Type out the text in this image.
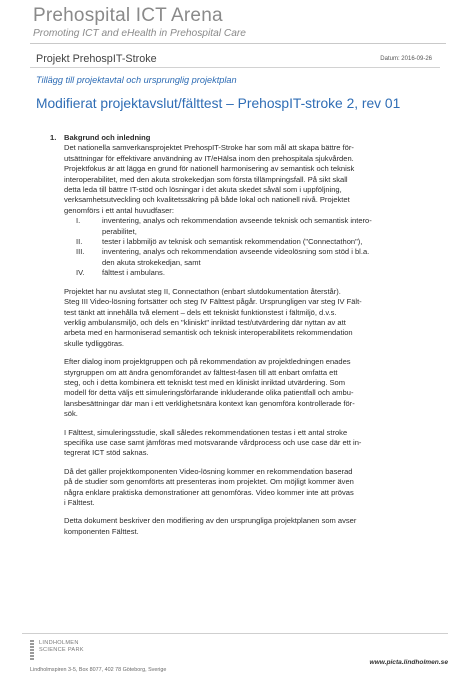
Prehospital ICT Arena
Promoting ICT and eHealth in Prehospital Care
Projekt PrehospIT-Stroke	Datum: 2016-09-26
Tillägg till projektavtal och ursprunglig projektplan
Modifierat projektavslut/fälttest – PrehospIT-stroke 2, rev 01
1.	Bakgrund och inledning
Det nationella samverkansprojektet PrehospIT-Stroke har som mål att skapa bättre för-
utsättningar för effektivare användning av IT/eHälsa inom den prehospitala sjukvården.
Projektfokus är att lägga en grund för nationell harmonisering av semantisk och teknisk
interoperabilitet, med den akuta strokekedjan som första tillämpningsfall. På sikt skall
detta leda till bättre IT-stöd och lösningar i det akuta skedet såväl som i uppföljning,
verksamhetsutveckling och kvalitetssäkring på både lokal och nationell nivå. Projektet
genomförs i ett antal huvudfaser:
I.	inventering, analys och rekommendation avseende teknisk och semantisk intero-
perabilitet,
II.	tester i labbmiljö av teknisk och semantisk rekommendation ("Connectathon"),
III.	inventering, analys och rekommendation avseende videolösning som stöd i bl.a.
den akuta strokekedjan, samt
IV.	fälttest i ambulans.
Projektet har nu avslutat steg II, Connectathon (enbart slutdokumentation återstår).
Steg III Video-lösning fortsätter och steg IV Fälttest pågår. Ursprungligen var steg IV Fält-
test tänkt att innehålla två element – dels ett tekniskt funktionstest i fältmiljö, d.v.s.
verklig ambulansmiljö, och dels en "kliniskt" inriktad test/utvärdering där nyttan av att
arbeta med en harmoniserad semantisk och teknisk interoperabilitets rekommendation
skulle tydliggöras.
Efter dialog inom projektgruppen och på rekommendation av projektledningen enades
styrgruppen om att ändra genomförandet av fälttest-fasen till att enbart omfatta ett
steg, och i detta kombinera ett tekniskt test med en kliniskt inriktad utvärdering. Som
modell för detta väljs ett simuleringsförfarande inkluderande olika patientfall och ambu-
lansbesättningar där man i ett verklighetsnära kontext kan genomföra kontrollerade för-
sök.
I Fälttest, simuleringsstudie, skall således rekommendationen testas i ett antal stroke
specifika use case samt jämföras med motsvarande vårdprocess och use case där ett in-
tegrerat ICT stöd saknas.
Då det gäller projektkomponenten Video-lösning kommer en rekommendation baserad
på de studier som genomförts att presenteras inom projektet. Om möjligt kommer även
några enklare praktiska demonstrationer att genomföras. Video kommer inte att prövas
i Fälttest.
Detta dokument beskriver den modifiering av den ursprungliga projektplanen som avser
komponenten Fälttest.
LINDHOLMEN
SCIENCE PARK
Lindholmspiren 3-5, Box 8077, 402 78 Göteborg, Sverige
www.picta.lindholmen.se
